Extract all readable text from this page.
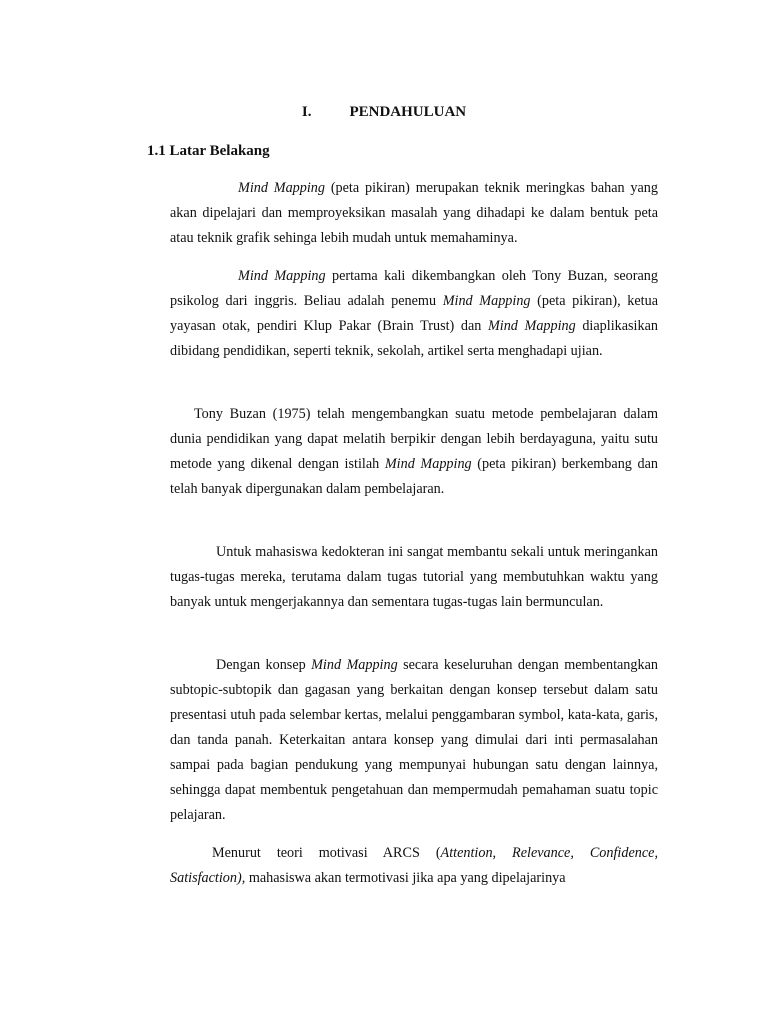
I.	PENDAHULUAN
1.1 Latar Belakang

Mind Mapping (peta pikiran) merupakan teknik meringkas bahan yang akan dipelajari dan memproyeksikan masalah yang dihadapi ke dalam bentuk peta atau teknik grafik sehinga lebih mudah untuk memahaminya.

Mind Mapping pertama kali dikembangkan oleh Tony Buzan, seorang psikolog dari inggris. Beliau adalah penemu Mind Mapping (peta pikiran), ketua yayasan otak, pendiri Klup Pakar (Brain Trust) dan Mind Mapping diaplikasikan dibidang pendidikan, seperti teknik, sekolah, artikel serta menghadapi ujian.

Tony Buzan (1975) telah mengembangkan suatu metode pembelajaran dalam dunia pendidikan yang dapat melatih berpikir dengan lebih berdayaguna, yaitu sutu metode yang dikenal dengan istilah Mind Mapping (peta pikiran) berkembang dan telah banyak dipergunakan dalam pembelajaran.

Untuk mahasiswa kedokteran ini sangat membantu sekali untuk meringankan tugas-tugas mereka, terutama dalam tugas tutorial yang membutuhkan waktu yang banyak untuk mengerjakannya dan sementara tugas-tugas lain bermunculan.

Dengan konsep Mind Mapping secara keseluruhan dengan membentangkan subtopic-subtopik dan gagasan yang berkaitan dengan konsep tersebut dalam satu presentasi utuh pada selembar kertas, melalui penggambaran symbol, kata-kata, garis, dan tanda panah. Keterkaitan antara konsep yang dimulai dari inti permasalahan sampai pada bagian pendukung yang mempunyai hubungan satu dengan lainnya, sehingga dapat membentuk pengetahuan dan mempermudah pemahaman suatu topic pelajaran.

Menurut teori motivasi ARCS (Attention, Relevance, Confidence, Satisfaction), mahasiswa akan termotivasi jika apa yang dipelajarinya
